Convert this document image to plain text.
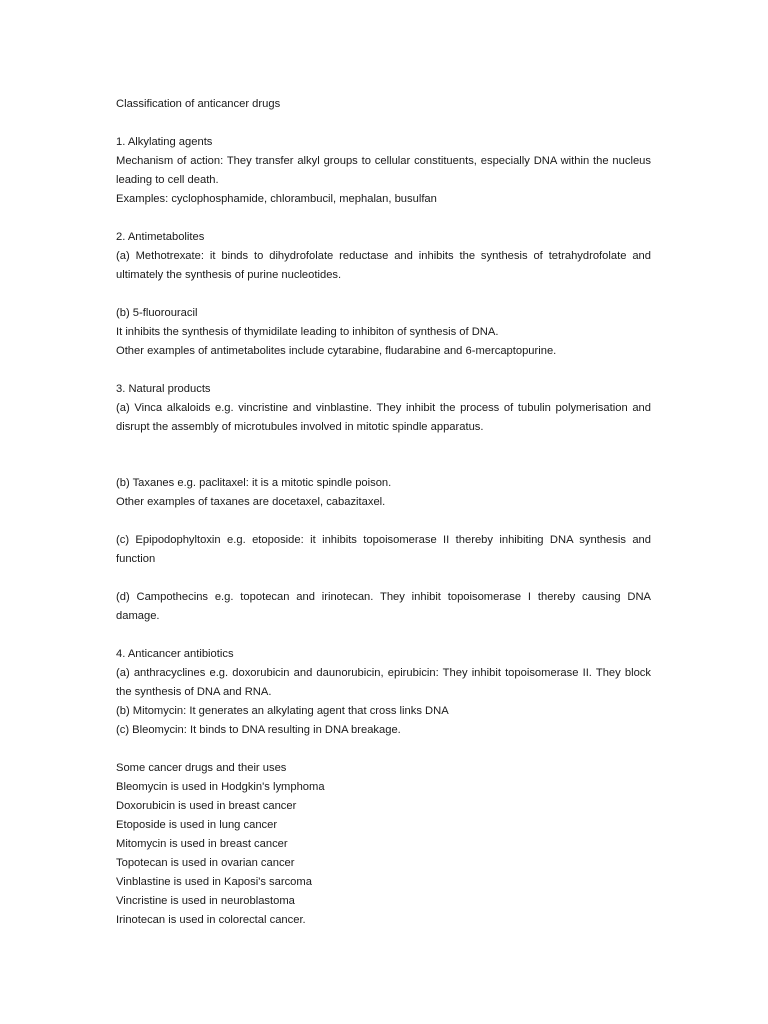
Classification of anticancer drugs
1. Alkylating agents
Mechanism of action: They transfer alkyl groups to cellular constituents, especially DNA within the nucleus leading to cell death.
Examples: cyclophosphamide, chlorambucil, mephalan, busulfan
2. Antimetabolites
(a) Methotrexate: it binds to dihydrofolate reductase and inhibits the synthesis of tetrahydrofolate and ultimately the synthesis of purine nucleotides.
(b) 5-fluorouracil
It inhibits the synthesis of thymidilate leading to inhibiton of synthesis of DNA.
Other examples of antimetabolites include cytarabine, fludarabine and 6-mercaptopurine.
3. Natural products
(a) Vinca alkaloids e.g. vincristine and vinblastine. They inhibit the process of tubulin polymerisation and disrupt the assembly of microtubules involved in mitotic spindle apparatus.
(b) Taxanes e.g. paclitaxel: it is a mitotic spindle poison.
Other examples of taxanes are docetaxel, cabazitaxel.
(c) Epipodophyltoxin e.g. etoposide: it inhibits topoisomerase II thereby inhibiting DNA synthesis and function
(d) Campothecins e.g. topotecan and irinotecan. They inhibit topoisomerase I thereby causing DNA damage.
4. Anticancer antibiotics
(a) anthracyclines e.g. doxorubicin and daunorubicin, epirubicin: They inhibit topoisomerase II. They block the synthesis of DNA and RNA.
(b) Mitomycin: It generates an alkylating agent that cross links DNA
(c) Bleomycin: It binds to DNA resulting in DNA breakage.
Some cancer drugs and their uses
Bleomycin is used in Hodgkin's lymphoma
Doxorubicin is used in breast cancer
Etoposide is used in lung cancer
Mitomycin is used in breast cancer
Topotecan is used in ovarian cancer
Vinblastine is used in Kaposi's sarcoma
Vincristine is used in neuroblastoma
Irinotecan is used in colorectal cancer.
